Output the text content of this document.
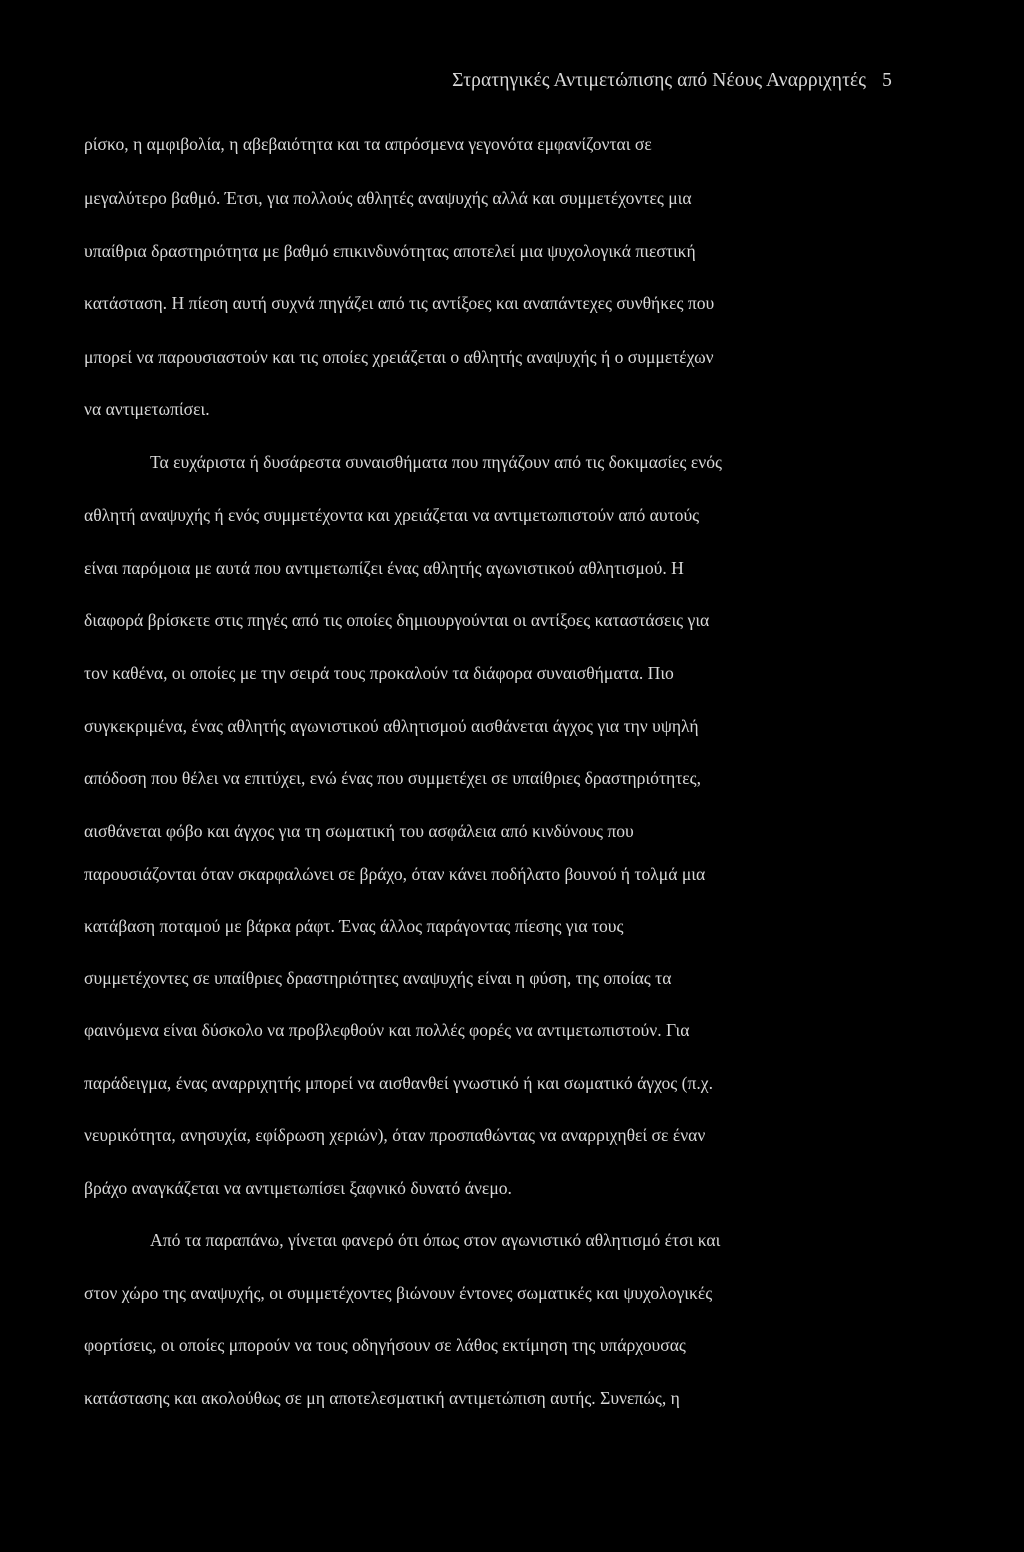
Στρατηγικές Αντιμετώπισης από Νέους Αναρριχητές 5
ρίσκο, η αμφιβολία, η αβεβαιότητα και τα απρόσμενα γεγονότα εμφανίζονται σε
μεγαλύτερο βαθμό. Έτσι, για πολλούς αθλητές αναψυχής αλλά και συμμετέχοντες μια
υπαίθρια δραστηριότητα με βαθμό επικινδυνότητας αποτελεί μια ψυχολογικά πιεστική
κατάσταση. Η πίεση αυτή συχνά πηγάζει από τις αντίξοες και αναπάντεχες συνθήκες που
μπορεί να παρουσιαστούν και τις οποίες χρειάζεται ο αθλητής αναψυχής ή ο συμμετέχων
να αντιμετωπίσει.
Τα ευχάριστα ή δυσάρεστα συναισθήματα που πηγάζουν από τις δοκιμασίες ενός
αθλητή αναψυχής ή ενός συμμετέχοντα και χρειάζεται να αντιμετωπιστούν από αυτούς
είναι παρόμοια με αυτά που αντιμετωπίζει ένας αθλητής αγωνιστικού αθλητισμού. Η
διαφορά βρίσκετε στις πηγές από τις οποίες δημιουργούνται οι αντίξοες καταστάσεις για
τον καθένα, οι οποίες με την σειρά τους προκαλούν τα διάφορα συναισθήματα. Πιο
συγκεκριμένα, ένας αθλητής αγωνιστικού αθλητισμού αισθάνεται άγχος για την υψηλή
απόδοση που θέλει να επιτύχει, ενώ ένας που συμμετέχει σε υπαίθριες δραστηριότητες,
αισθάνεται φόβο και άγχος για τη σωματική του ασφάλεια από κινδύνους που
παρουσιάζονται όταν σκαρφαλώνει σε βράχο, όταν κάνει ποδήλατο βουνού ή τολμά μια
κατάβαση ποταμού με βάρκα ράφτ. Ένας άλλος παράγοντας πίεσης για τους
συμμετέχοντες σε υπαίθριες δραστηριότητες αναψυχής είναι η φύση, της οποίας τα
φαινόμενα είναι δύσκολο να προβλεφθούν και πολλές φορές να αντιμετωπιστούν. Για
παράδειγμα, ένας αναρριχητής μπορεί να αισθανθεί γνωστικό ή και σωματικό άγχος (π.χ.
νευρικότητα, ανησυχία, εφίδρωση χεριών), όταν προσπαθώντας να αναρριχηθεί σε έναν
βράχο αναγκάζεται να αντιμετωπίσει ξαφνικό δυνατό άνεμο.
Από τα παραπάνω, γίνεται φανερό ότι όπως στον αγωνιστικό αθλητισμό έτσι και
στον χώρο της αναψυχής, οι συμμετέχοντες βιώνουν έντονες σωματικές και ψυχολογικές
φορτίσεις, οι οποίες μπορούν να τους οδηγήσουν σε λάθος εκτίμηση της υπάρχουσας
κατάστασης και ακολούθως σε μη αποτελεσματική αντιμετώπιση αυτής. Συνεπώς, η
